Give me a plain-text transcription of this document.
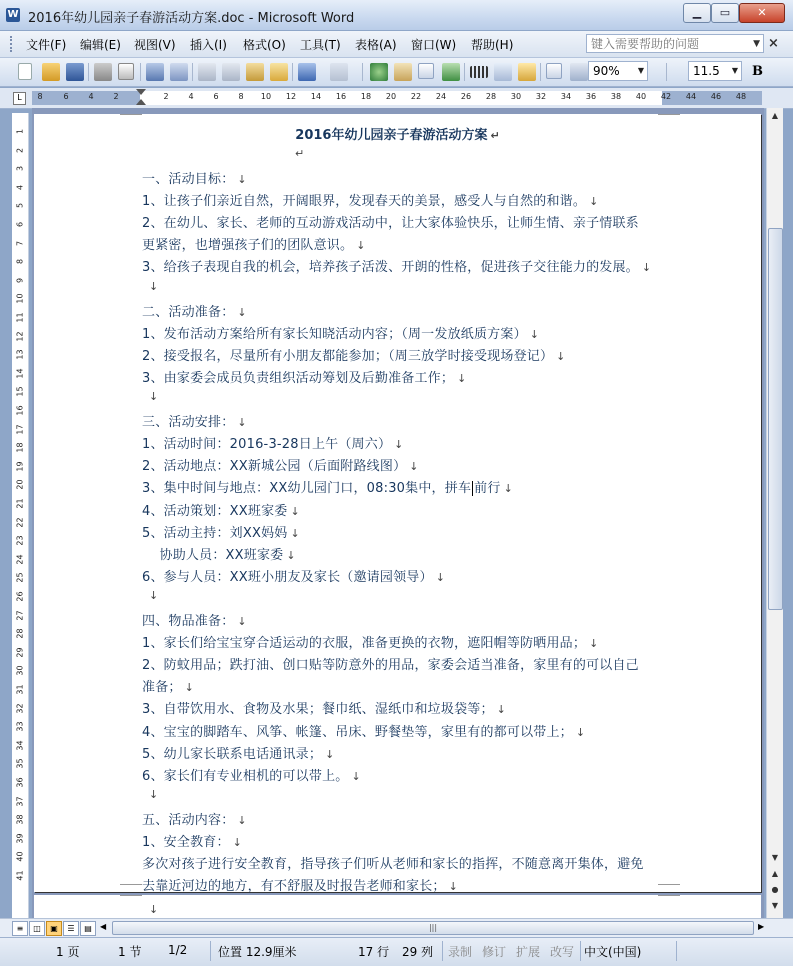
W 2016年幼儿园亲子春游活动方案.doc - Microsoft Word	▁	▭	✕
文件(F) 编辑(E) 视图(V) 插入(I) 格式(O) 工具(T) 表格(A) 窗口(W) 帮助(H)	键入需要帮助的问题	▼ ×
90%	▼	11.5	▼ B
L	8	6 4 2	2 4 6 8 10 12 14 16 18 20 22 24 26 28 30 32 34 36 38 40 42 44 46 48
1
2
3
4
5
6
7
8
9
10
11
12
13
14
15
16
17
18
19
20
21
22
23
24
25
26
27
28
29
30
31
32
33
34
35
36
37
38
39
40
41
2016年幼儿园亲子春游活动方案 ↵
↵
一、活动目标： ↓
1、让孩子们亲近自然，开阔眼界，发现春天的美景，感受人与自然的和谐。 ↓
2、在幼儿、家长、老师的互动游戏活动中，让大家体验快乐，让师生情、亲子情联系
更紧密，也增强孩子们的团队意识。 ↓
3、给孩子表现自我的机会，培养孩子活泼、开朗的性格，促进孩子交往能力的发展。 ↓
↓
二、活动准备： ↓
1、发布活动方案给所有家长知晓活动内容；（周一发放纸质方案） ↓
2、接受报名，尽量所有小朋友都能参加；（周三放学时接受现场登记） ↓
3、由家委会成员负责组织活动筹划及后勤准备工作； ↓
↓
三、活动安排： ↓
1、活动时间：2016-3-28日上午（周六） ↓
2、活动地点：XX新城公园（后面附路线图） ↓
3、集中时间与地点：XX幼儿园门口，08:30集中，拼车 前行 ↓
4、活动策划：XX班家委 ↓
5、活动主持：刘XX妈妈 ↓
　 协助人员：XX班家委 ↓
6、参与人员：XX班小朋友及家长（邀请园领导） ↓
↓
四、物品准备： ↓
1、家长们给宝宝穿合适运动的衣服，准备更换的衣物，遮阳帽等防晒用品； ↓
2、防蚊用品；跌打油、创口贴等防意外的用品，家委会适当准备，家里有的可以自己
准备； ↓
3、自带饮用水、食物及水果；餐巾纸、湿纸巾和垃圾袋等； ↓
4、宝宝的脚踏车、风筝、帐篷、吊床、野餐垫等，家里有的都可以带上； ↓
5、幼儿家长联系电话通讯录； ↓
6、家长们有专业相机的可以带上。 ↓
↓
五、活动内容： ↓
1、安全教育： ↓
多次对孩子进行安全教育，指导孩子们听从老师和家长的指挥，不随意离开集体，避免
去靠近河边的地方，有不舒服及时报告老师和家长； ↓
↓
▲
▼
▲
●
▼
≡	◫	▣	☰	▤	◀	|||	▶
1 页	1 节 1/2	位置 12.9厘米	17 行 29 列 录制 修订 扩展 改写 中文(中国)
